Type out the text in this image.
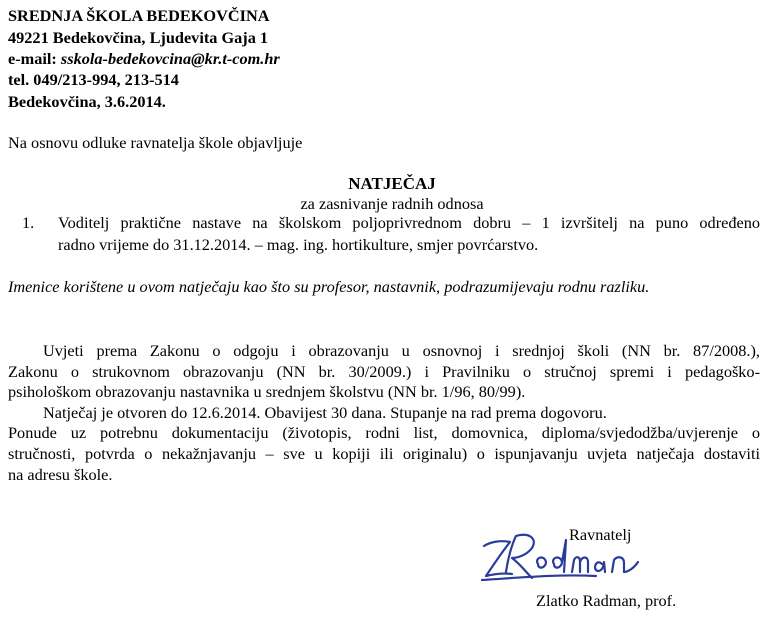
SREDNJA ŠKOLA BEDEKOVČINA
49221 Bedekovčina, Ljudevita Gaja 1
e-mail: sskola-bedekovcina@kr.t-com.hr
tel. 049/213-994, 213-514
Bedekovčina, 3.6.2014.
Na osnovu odluke ravnatelja škole objavljuje
NATJEČAJ
za zasnivanje radnih odnosa
1. Voditelj praktične nastave na školskom poljoprivrednom dobru – 1 izvršitelj na puno određeno
radno vrijeme do 31.12.2014. – mag. ing. hortikulture, smjer povrćarstvo.
Imenice korištene u ovom natječaju kao što su profesor, nastavnik, podrazumijevaju rodnu razliku.
Uvjeti prema Zakonu o odgoju i obrazovanju u osnovnoj i srednjoj školi (NN br. 87/2008.),
Zakonu o strukovnom obrazovanju (NN br. 30/2009.) i Pravilniku o stručnoj spremi i pedagoško-
psihološkom obrazovanju nastavnika u srednjem školstvu (NN br. 1/96, 80/99).
Natječaj je otvoren do 12.6.2014. Obavijest 30 dana. Stupanje na rad prema dogovoru.
Ponude uz potrebnu dokumentaciju (životopis, rodni list, domovnica, diploma/svjedodžba/uvjerenje o
stručnosti, potvrda o nekažnjavanju – sve u kopiji ili originalu) o ispunjavanju uvjeta natječaja dostaviti
na adresu škole.
Ravnatelj
Zlatko Radman, prof.
